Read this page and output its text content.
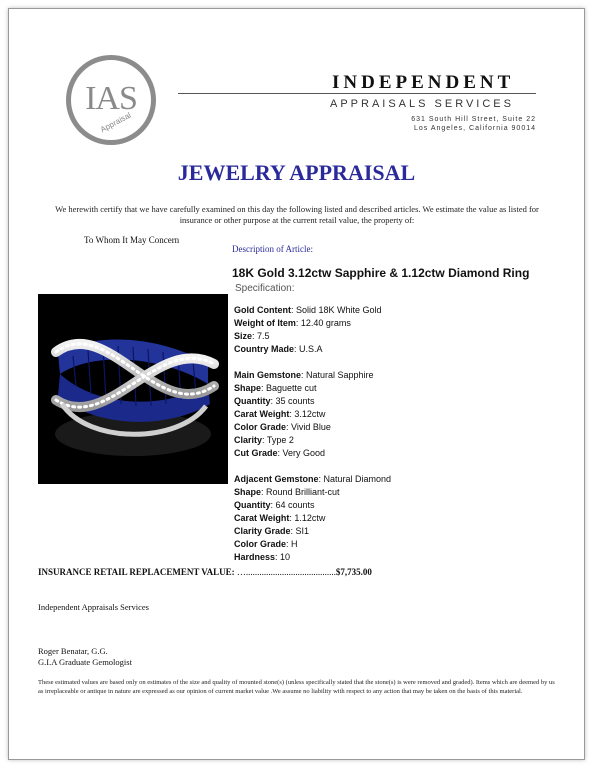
IAS
Appraisal
INDEPENDENT
APPRAISALS SERVICES
631 South Hill Street, Suite 22
Los Angeles, California 90014
JEWELRY APPRAISAL
We herewith certify that we have carefully examined on this day the following listed and described articles. We estimate the value as listed for insurance or other purpose at the current retail value, the property of:
To Whom It May Concern
Description of Article:
18K Gold 3.12ctw Sapphire & 1.12ctw Diamond Ring
Specification:
Gold Content: Solid 18K White Gold
Weight of Item: 12.40 grams
Size: 7.5
Country Made: U.S.A
Main Gemstone: Natural Sapphire
Shape: Baguette cut
Quantity: 35 counts
Carat Weight: 3.12ctw
Color Grade: Vivid Blue
Clarity: Type 2
Cut Grade: Very Good
Adjacent Gemstone: Natural Diamond
Shape: Round Brilliant-cut
Quantity: 64 counts
Carat Weight: 1.12ctw
Clarity Grade: SI1
Color Grade: H
Hardness: 10
INSURANCE RETAIL REPLACEMENT VALUE: …........................................$7,735.00
Independent Appraisals Services
Roger Benatar, G.G.
G.I.A Graduate Gemologist
These estimated values are based only on estimates of the size and quality of mounted stone(s) (unless specifically stated that the stone(s) is were removed and graded). Items which are deemed by us as irreplaceable or antique in nature are expressed as our opinion of current market value .We assume no liability with respect to any action that may be taken on the basis of this material.
